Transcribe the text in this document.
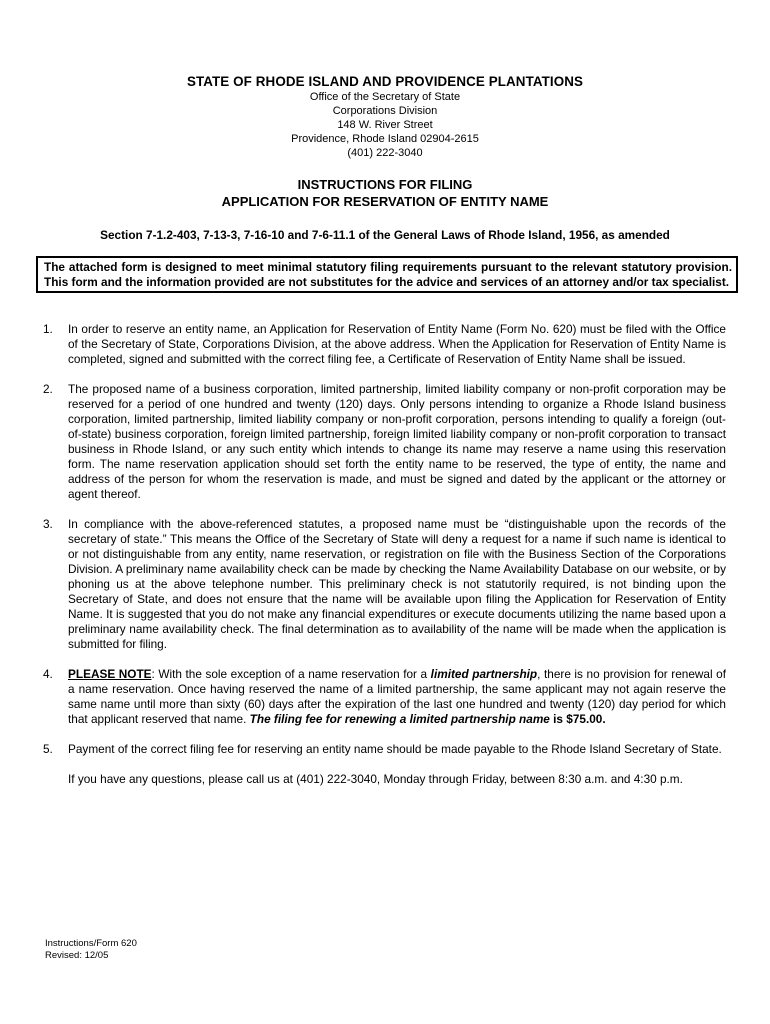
STATE OF RHODE ISLAND AND PROVIDENCE PLANTATIONS
Office of the Secretary of State
Corporations Division
148 W. River Street
Providence, Rhode Island 02904-2615
(401) 222-3040
INSTRUCTIONS FOR FILING
APPLICATION FOR RESERVATION OF ENTITY NAME
Section 7-1.2-403, 7-13-3, 7-16-10 and 7-6-11.1 of the General Laws of Rhode Island, 1956, as amended
The attached form is designed to meet minimal statutory filing requirements pursuant to the relevant statutory provision. This form and the information provided are not substitutes for the advice and services of an attorney and/or tax specialist.
1. In order to reserve an entity name, an Application for Reservation of Entity Name (Form No. 620) must be filed with the Office of the Secretary of State, Corporations Division, at the above address. When the Application for Reservation of Entity Name is completed, signed and submitted with the correct filing fee, a Certificate of Reservation of Entity Name shall be issued.
2. The proposed name of a business corporation, limited partnership, limited liability company or non-profit corporation may be reserved for a period of one hundred and twenty (120) days. Only persons intending to organize a Rhode Island business corporation, limited partnership, limited liability company or non-profit corporation, persons intending to qualify a foreign (out-of-state) business corporation, foreign limited partnership, foreign limited liability company or non-profit corporation to transact business in Rhode Island, or any such entity which intends to change its name may reserve a name using this reservation form. The name reservation application should set forth the entity name to be reserved, the type of entity, the name and address of the person for whom the reservation is made, and must be signed and dated by the applicant or the attorney or agent thereof.
3. In compliance with the above-referenced statutes, a proposed name must be “distinguishable upon the records of the secretary of state.” This means the Office of the Secretary of State will deny a request for a name if such name is identical to or not distinguishable from any entity, name reservation, or registration on file with the Business Section of the Corporations Division. A preliminary name availability check can be made by checking the Name Availability Database on our website, or by phoning us at the above telephone number. This preliminary check is not statutorily required, is not binding upon the Secretary of State, and does not ensure that the name will be available upon filing the Application for Reservation of Entity Name. It is suggested that you do not make any financial expenditures or execute documents utilizing the name based upon a preliminary name availability check. The final determination as to availability of the name will be made when the application is submitted for filing.
4. PLEASE NOTE: With the sole exception of a name reservation for a limited partnership, there is no provision for renewal of a name reservation. Once having reserved the name of a limited partnership, the same applicant may not again reserve the same name until more than sixty (60) days after the expiration of the last one hundred and twenty (120) day period for which that applicant reserved that name. The filing fee for renewing a limited partnership name is $75.00.
5. Payment of the correct filing fee for reserving an entity name should be made payable to the Rhode Island Secretary of State.
If you have any questions, please call us at (401) 222-3040, Monday through Friday, between 8:30 a.m. and 4:30 p.m.
Instructions/Form 620
Revised: 12/05
